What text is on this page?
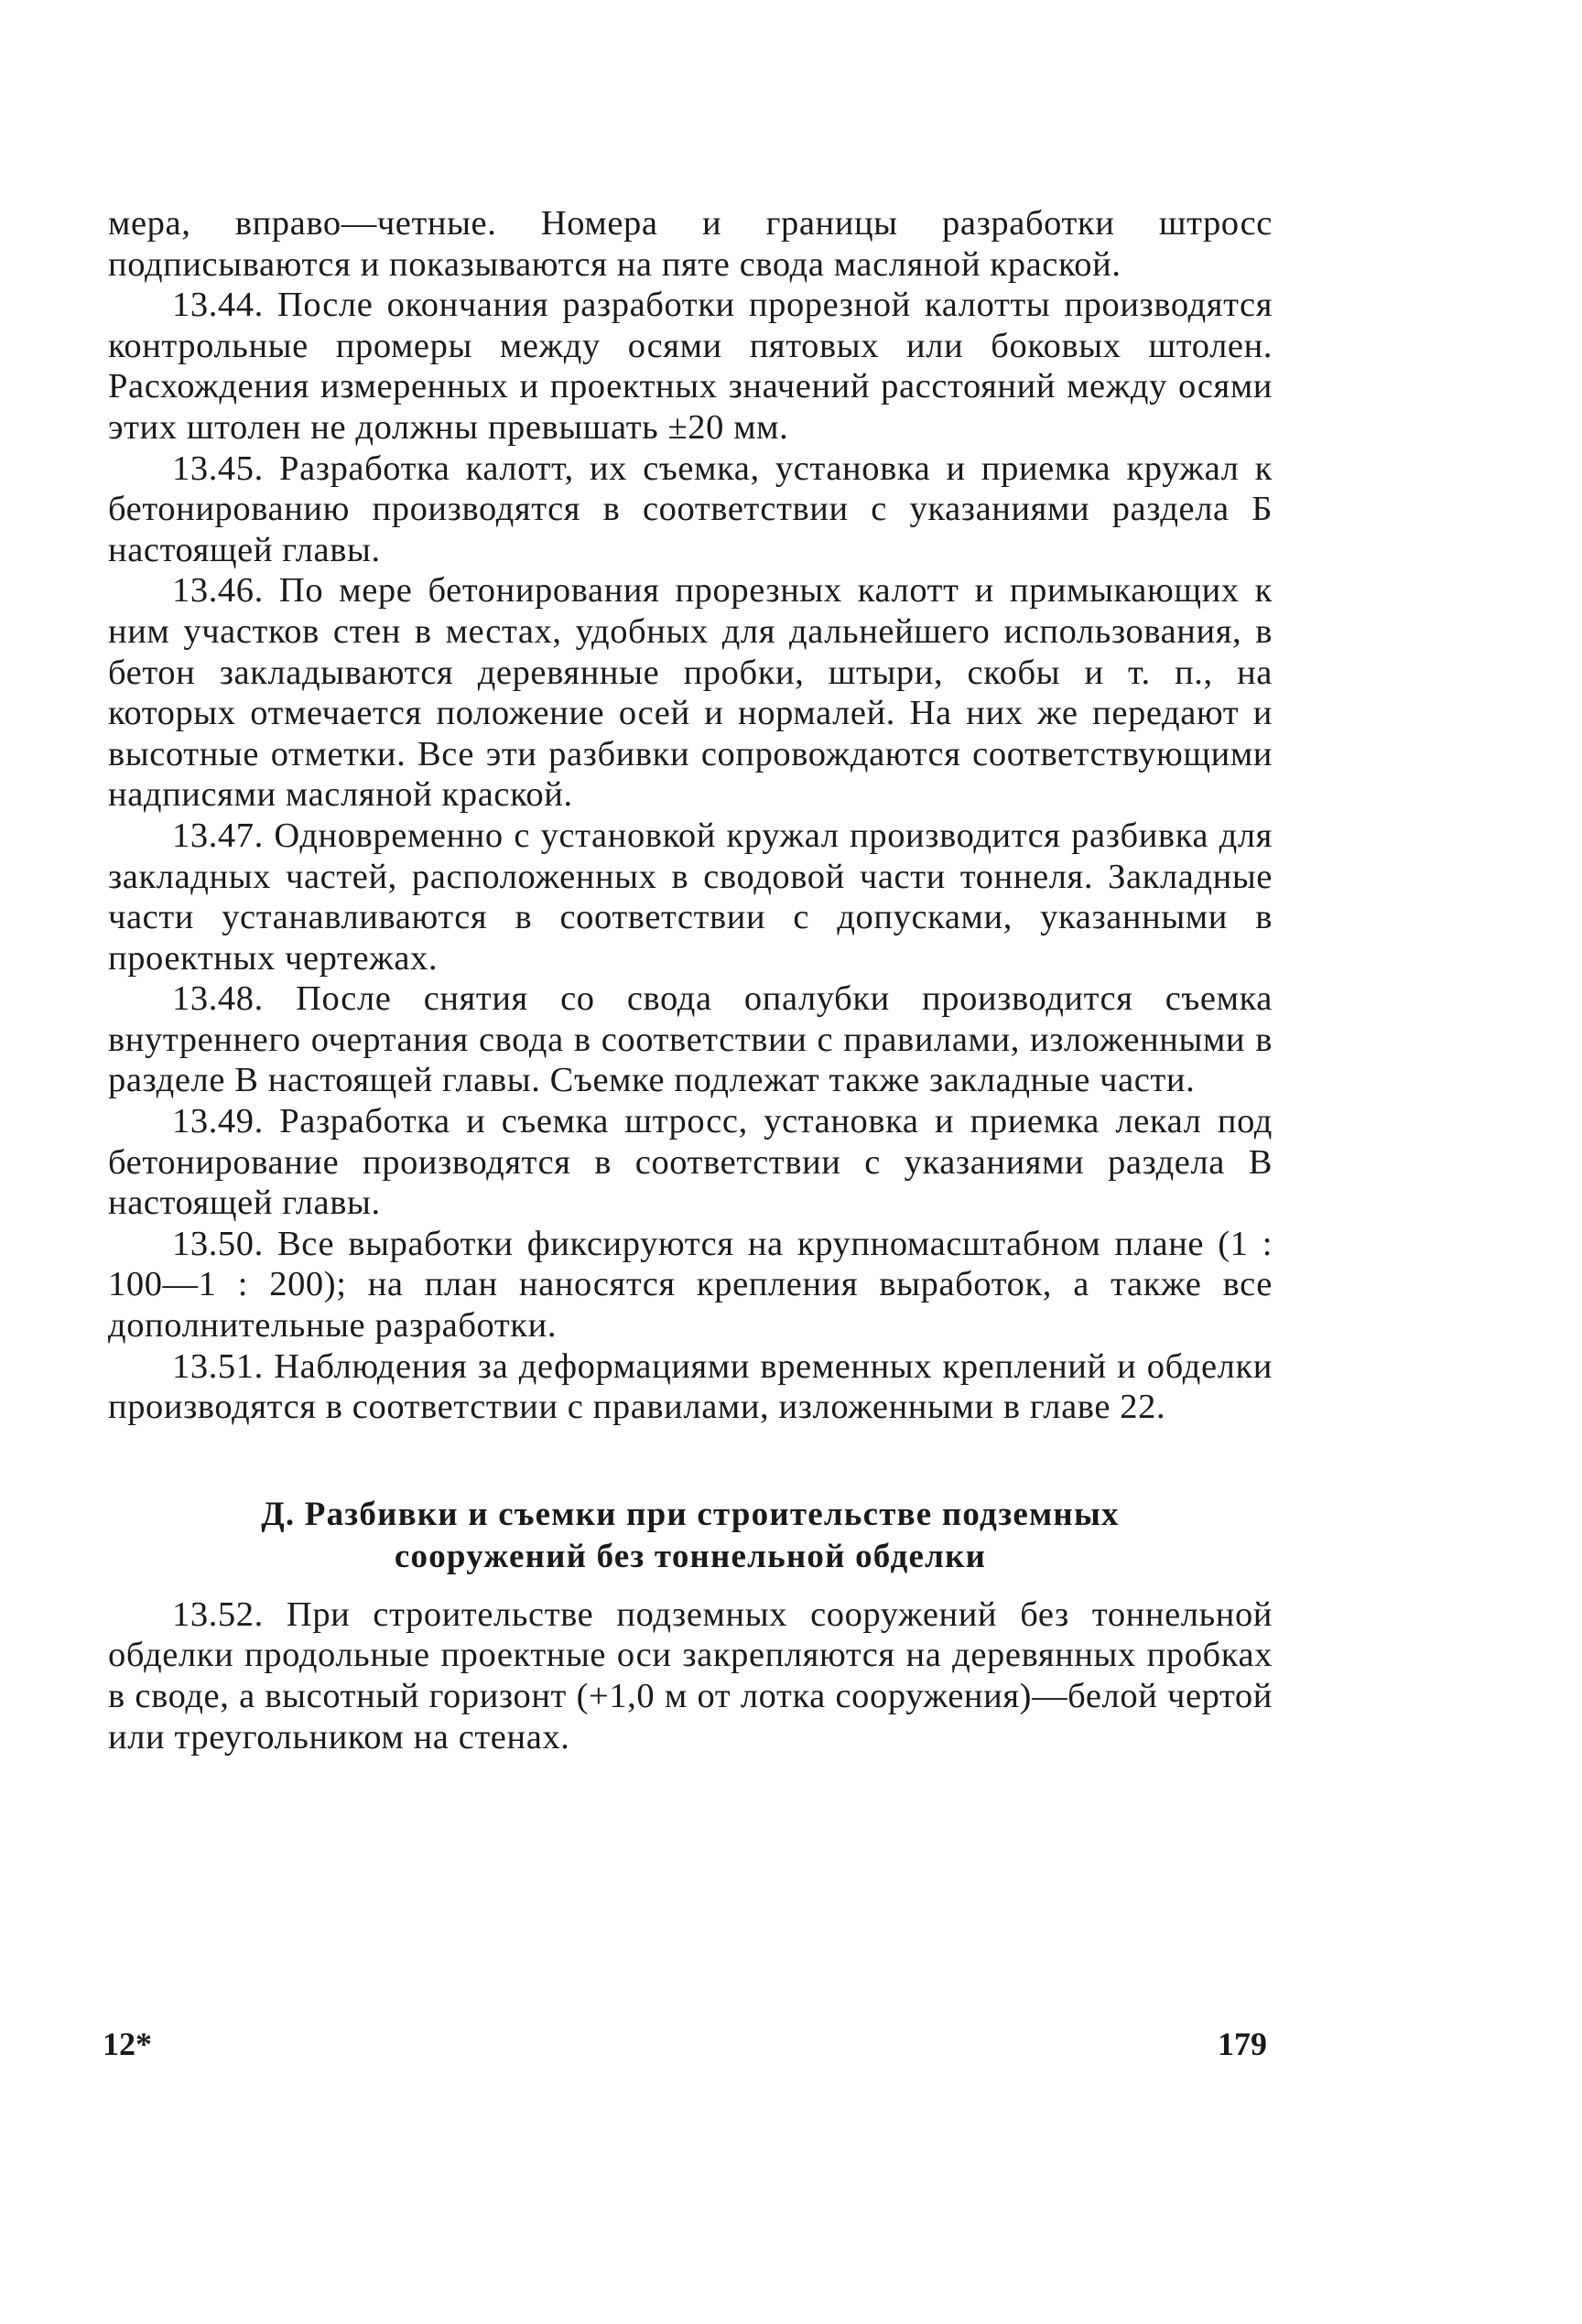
мера, вправо—четные. Номера и границы разработки штросс подписываются и показываются на пяте свода масляной краской.

13.44. После окончания разработки прорезной калотты производятся контрольные промеры между осями пятовых или боковых штолен. Расхождения измеренных и проектных значений расстояний между осями этих штолен не должны превышать ±20 мм.

13.45. Разработка калотт, их съемка, установка и приемка кружал к бетонированию производятся в соответствии с указаниями раздела Б настоящей главы.

13.46. По мере бетонирования прорезных калотт и примыкающих к ним участков стен в местах, удобных для дальнейшего использования, в бетон закладываются деревянные пробки, штыри, скобы и т. п., на которых отмечается положение осей и нормалей. На них же передают и высотные отметки. Все эти разбивки сопровождаются соответствующими надписями масляной краской.

13.47. Одновременно с установкой кружал производится разбивка для закладных частей, расположенных в сводовой части тоннеля. Закладные части устанавливаются в соответствии с допусками, указанными в проектных чертежах.

13.48. После снятия со свода опалубки производится съемка внутреннего очертания свода в соответствии с правилами, изложенными в разделе В настоящей главы. Съемке подлежат также закладные части.

13.49. Разработка и съемка штросс, установка и приемка лекал под бетонирование производятся в соответствии с указаниями раздела В настоящей главы.

13.50. Все выработки фиксируются на крупномасштабном плане (1 : 100—1 : 200); на план наносятся крепления выработок, а также все дополнительные разработки.

13.51. Наблюдения за деформациями временных креплений и обделки производятся в соответствии с правилами, изложенными в главе 22.

Д. Разбивки и съемки при строительстве подземных
сооружений без тоннельной обделки

13.52. При строительстве подземных сооружений без тоннельной обделки продольные проектные оси закрепляются на деревянных пробках в своде, а высотный горизонт (+1,0 м от лотка сооружения)—белой чертой или треугольником на стенах.

12*	179
